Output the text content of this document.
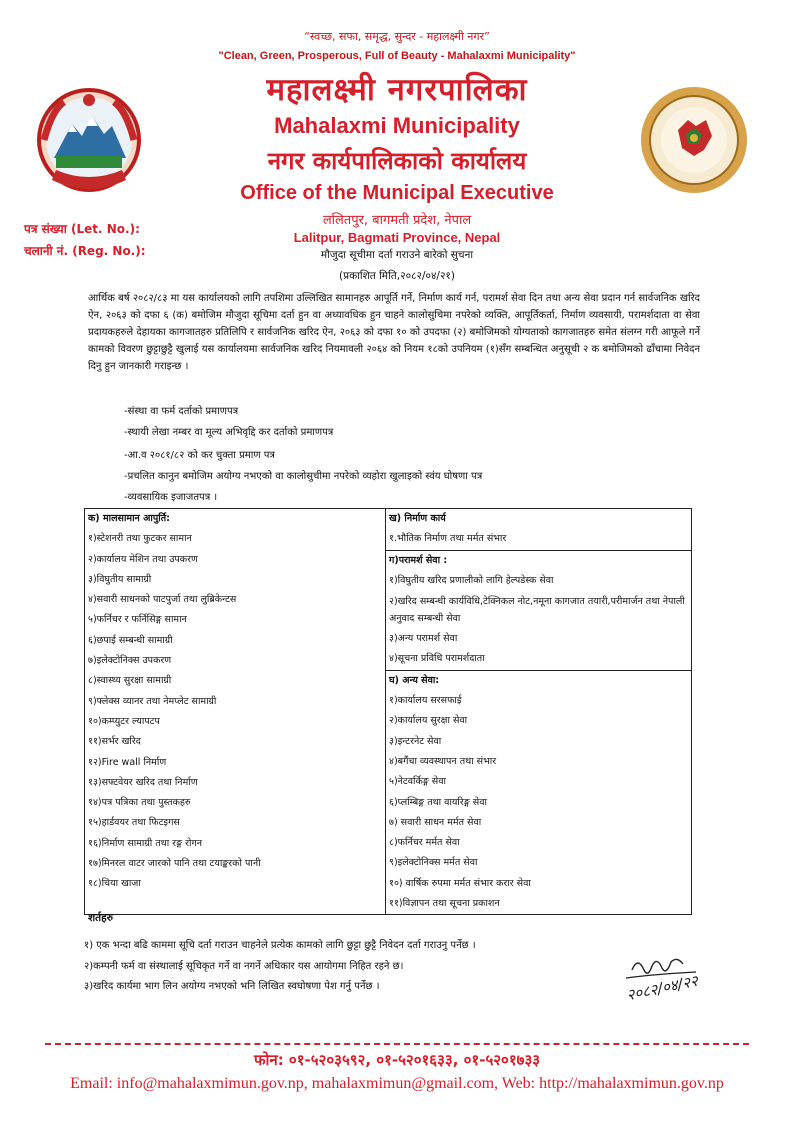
“स्वच्छ, सफा, समृद्ध, सुन्दर - महालक्ष्मी नगर”
"Clean, Green, Prosperous, Full of Beauty - Mahalaxmi Municipality"
महालक्ष्मी नगरपालिका
Mahalaxmi Municipality
नगर कार्यपालिकाको कार्यालय
Office of the Municipal Executive
ललितपुर, बागमती प्रदेश, नेपाल
Lalitpur, Bagmati Province, Nepal
पत्र संख्या (Let. No.):
चलानी नं. (Reg. No.):	मौजुदा सूचीमा दर्ता गराउने बारेको सुचना
(प्रकाशित मिति,२०८२/०४/२१)
आर्थिक बर्ष २०८२/८३ मा यस कार्यालयको लागि तपशिमा उल्लिखित सामानहरु आपूर्ति गर्ने, निर्माण कार्य गर्न, परामर्श सेवा दिन तथा अन्य सेवा प्रदान गर्न सार्वजनिक खरिद ऐन, २०६३ को दफा ६ (क) बमोजिम मौजुदा सूचिमा दर्ता हुन वा अध्यावधिक हुन चाहने कालोसुचिमा नपरेको व्यक्ति, आपूर्तिकर्ता, निर्माण व्यवसायी, परामर्शदाता वा सेवा प्रदायकहरुले देहायका कागजातहरु प्रतिलिपि र सार्वजनिक खरिद ऐन, २०६३ को दफा १० को उपदफा (२) बमोजिमको योग्यताको कागजातहरु समेत संलग्न गरी आफूले गर्ने कामको विवरण छुट्टाछुट्टै खुलाई यस कार्यालयमा सार्वजनिक खरिद नियमावली २०६४ को नियम १८को उपनियम (१)सँग सम्बन्धित अनुसूची २ क बमोजिमको ढाँचामा निवेदन दिनु हुन जानकारी गराइन्छ ।
-संस्था वा फर्म दर्ताको प्रमाणपत्र
-स्थायी लेखा नम्बर वा मूल्य अभिवृद्दि कर दर्ताको प्रमाणपत्र
-आ.व २०८१/८२ को कर चुक्ता प्रमाण पत्र
-प्रचलित कानुन बमोजिम अयोग्य नभएको वा कालोसुचीमा नपरेको व्यहोरा खुलाइको स्वंय घोषणा पत्र
-व्यवसायिक इजाजतपत्र ।
क) मालसामान आपुर्ति:
१)स्टेशनरी तथा फुटकर सामान
२)कार्यालय मेशिन तथा उपकरण
३)विघुतीय सामाग्री
४)सवारी साधनको पाटपुर्जा तथा लुब्रिकेन्टस
५)फर्निचर र फर्निसिङ्ग सामान
६)छपाई सम्बन्धी सामाग्री
७)इलेक्टोनिक्स उपकरण
८)स्वास्थ्य सुरक्षा सामाग्री
९)फ्लेक्स व्यानर तथा नेमप्लेट सामाग्री
१०)कम्प्युटर ल्यापटप
११)सर्भर खरिद
१२)Fire wall निर्माण
१३)सफ्टवेयर खरिद तथा निर्माण
१४)पत्र पत्रिका तथा पुस्तकहरु
१५)हार्डवयर तथा फिटइगस
१६)निर्माण सामाग्री तथा रङ्ग रोगन
१७)मिनरल वाटर जारको पानि तथा टयाङ्करको पानी
१८)चिया खाजा

ख) निर्माण कार्य
१.भौतिक निर्माण तथा मर्मत संभार
ग)परामर्श सेवा :
१)विघुतीय खरिद प्रणालीको लागि हेल्पडेस्क सेवा
२)खरिद सम्बन्धी कार्यविधि,टेक्निकल नोट,नमूना कागजात तयारी,परीमार्जन तथा नेपाली अनुवाद सम्बन्धी सेवा
३)अन्य परामर्श सेवा
४)सूचना प्रविधि परामर्शदाता
घ) अन्य सेवा:
१)कार्यालय सरसफाई
२)कार्यालय सुरक्षा सेवा
३)इन्टरनेट सेवा
४)बगैंचा व्यवस्थापन तथा संभार
५)नेटवर्किङ्ग सेवा
६)प्लम्बिङ्ग तथा वायरिङ्ग सेवा
७) सवारी साधन मर्मत सेवा
८)फर्निचर मर्मत सेवा
९)इलेक्टोनिक्स मर्मत सेवा
१०) वार्षिक रुपमा मर्मत संभार करार सेवा
११)विज्ञापन तथा सूचना प्रकाशन
शर्तहरु
१) एक भन्दा बढि काममा सूचि दर्ता गराउन चाहनेले प्रत्येक कामको लागि छुट्टा छुट्टै निवेदन दर्ता गराउनु पर्नेछ ।
२)कम्पनी फर्म वा संस्थालाई सूचिकृत गर्ने वा नगर्ने अधिकार यस आयोगमा निहित रहने छ।
३)खरिद कार्यमा भाग लिन अयोग्य नभएको भनि लिखित स्वघोषणा पेश गर्नु पर्नेछ ।	२०८२/०४/२२
फोन: ०१-५२०३५९२, ०१-५२०१६३३, ०१-५२०१७३३
Email: info@mahalaxmimun.gov.np, mahalaxmimun@gmail.com, Web: http://mahalaxmimun.gov.np
